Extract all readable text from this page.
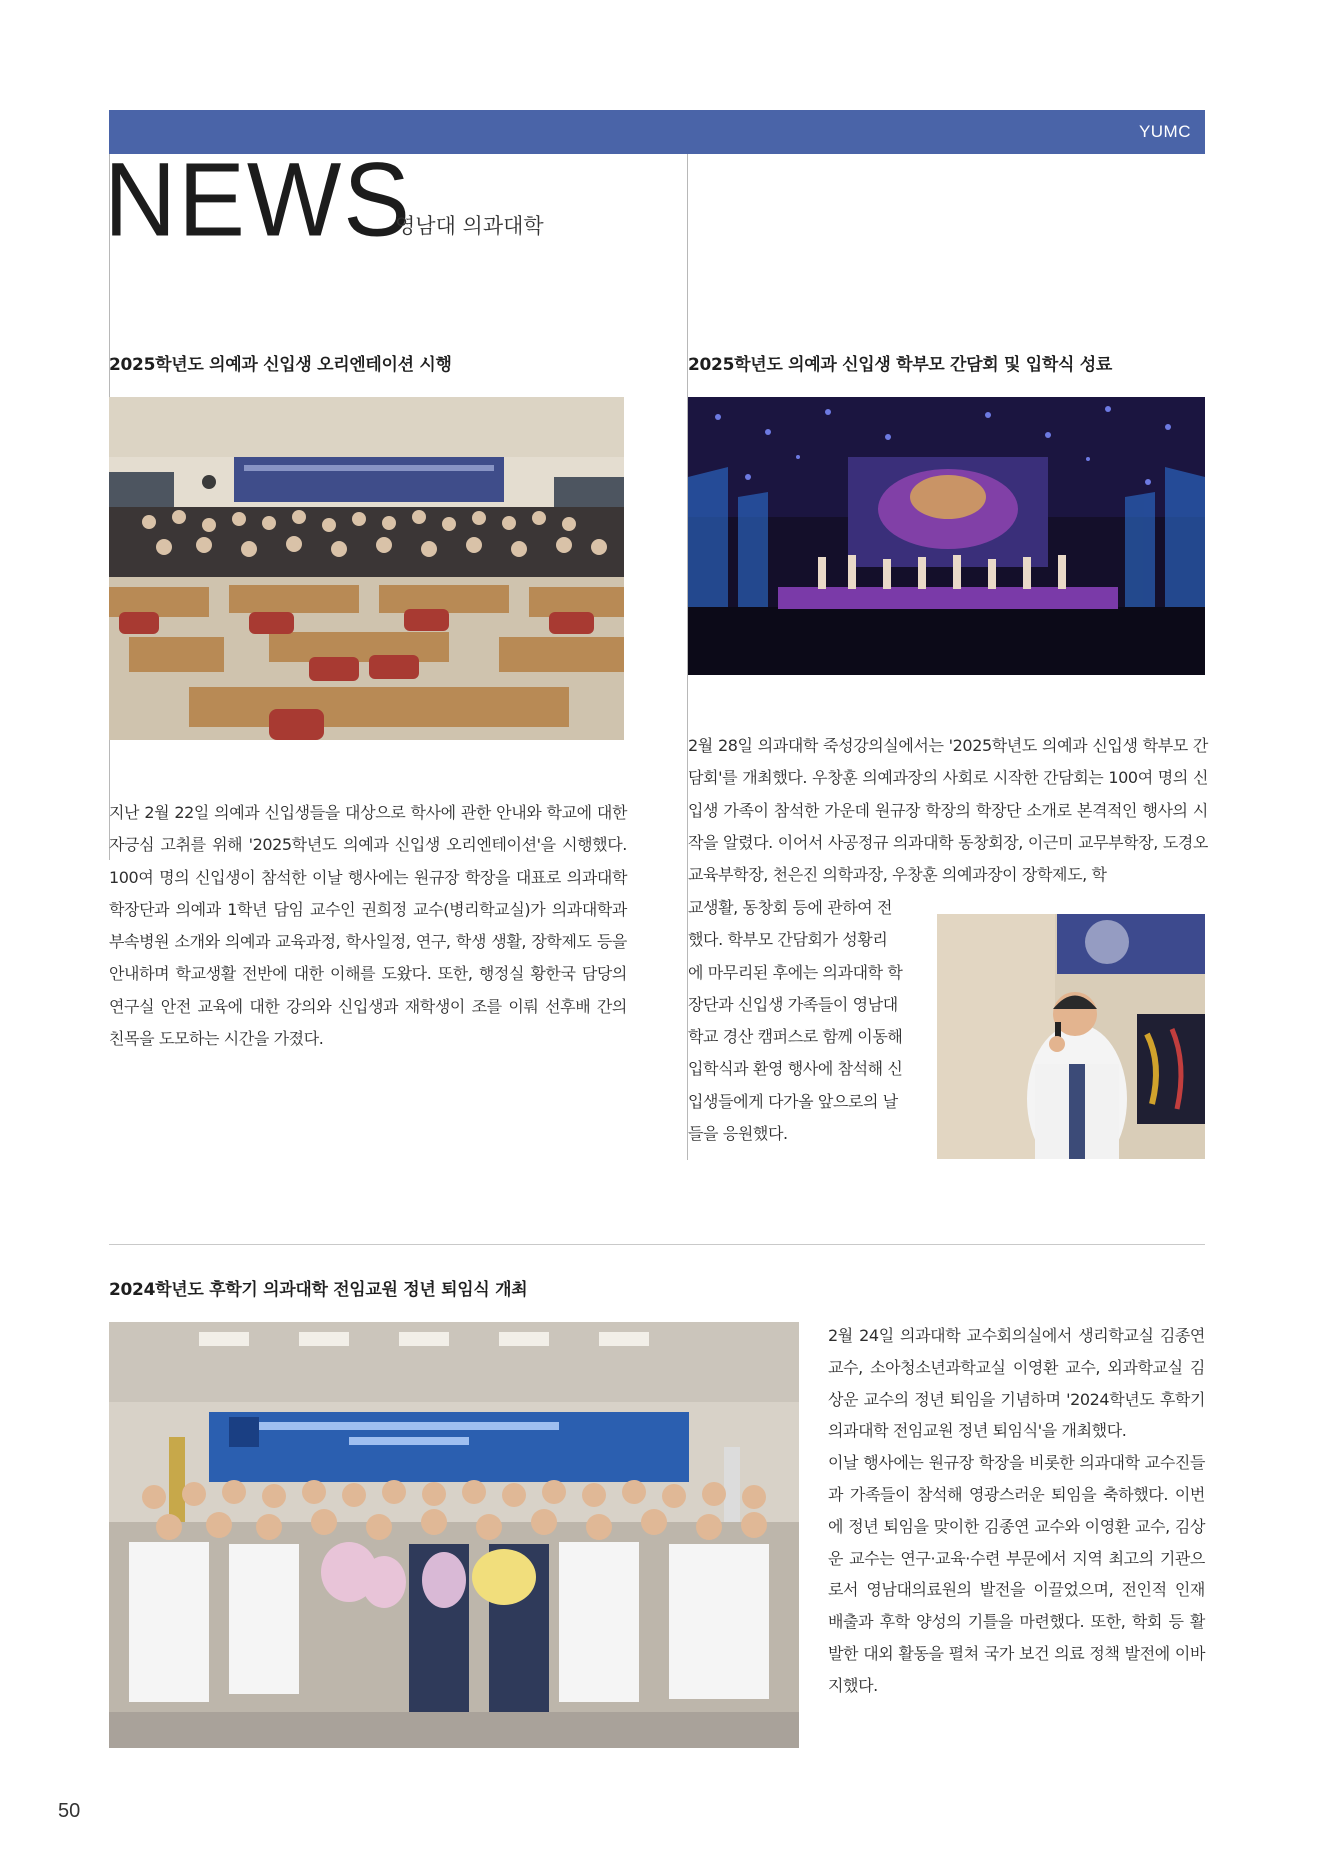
YUMC
NEWS
영남대 의과대학
2025학년도 의예과 신입생 오리엔테이션 시행
지난 2월 22일 의예과 신입생들을 대상으로 학사에 관한 안내와 학교에 대한 자긍심 고취를 위해 '2025학년도 의예과 신입생 오리엔테이션'을 시행했다. 100여 명의 신입생이 참석한 이날 행사에는 원규장 학장을 대표로 의과대학 학장단과 의예과 1학년 담임 교수인 권희정 교수(병리학교실)가 의과대학과 부속병원 소개와 의예과 교육과정, 학사일정, 연구, 학생 생활, 장학제도 등을 안내하며 학교생활 전반에 대한 이해를 도왔다. 또한, 행정실 황한국 담당의 연구실 안전 교육에 대한 강의와 신입생과 재학생이 조를 이뤄 선후배 간의 친목을 도모하는 시간을 가졌다.
2025학년도 의예과 신입생 학부모 간담회 및 입학식 성료
2월 28일 의과대학 죽성강의실에서는 '2025학년도 의예과 신입생 학부모 간담회'를 개최했다. 우창훈 의예과장의 사회로 시작한 간담회는 100여 명의 신입생 가족이 참석한 가운데 원규장 학장의 학장단 소개로 본격적인 행사의 시작을 알렸다. 이어서 사공정규 의과대학 동창회장, 이근미 교무부학장, 도경오 교육부학장, 천은진 의학과장, 우창훈 의예과장이 장학제도, 학

교생활, 동창회 등에 관하여 전

했다. 학부모 간담회가 성황리

에 마무리된 후에는 의과대학 학

장단과 신입생 가족들이 영남대

학교 경산 캠퍼스로 함께 이동해

입학식과 환영 행사에 참석해 신

입생들에게 다가올 앞으로의 날

들을 응원했다.

2024학년도 후학기 의과대학 전임교원 정년 퇴임식 개최

2월 24일 의과대학 교수회의실에서 생리학교실 김종연 교수, 소아청소년과학교실 이영환 교수, 외과학교실 김상운 교수의 정년 퇴임을 기념하며 '2024학년도 후학기 의과대학 전임교원 정년 퇴임식'을 개최했다.

이날 행사에는 원규장 학장을 비롯한 의과대학 교수진들과 가족들이 참석해 영광스러운 퇴임을 축하했다. 이번에 정년 퇴임을 맞이한 김종연 교수와 이영환 교수, 김상운 교수는 연구·교육·수련 부문에서 지역 최고의 기관으로서 영남대의료원의 발전을 이끌었으며, 전인적 인재 배출과 후학 양성의 기틀을 마련했다. 또한, 학회 등 활발한 대외 활동을 펼쳐 국가 보건 의료 정책 발전에 이바지했다.

50
